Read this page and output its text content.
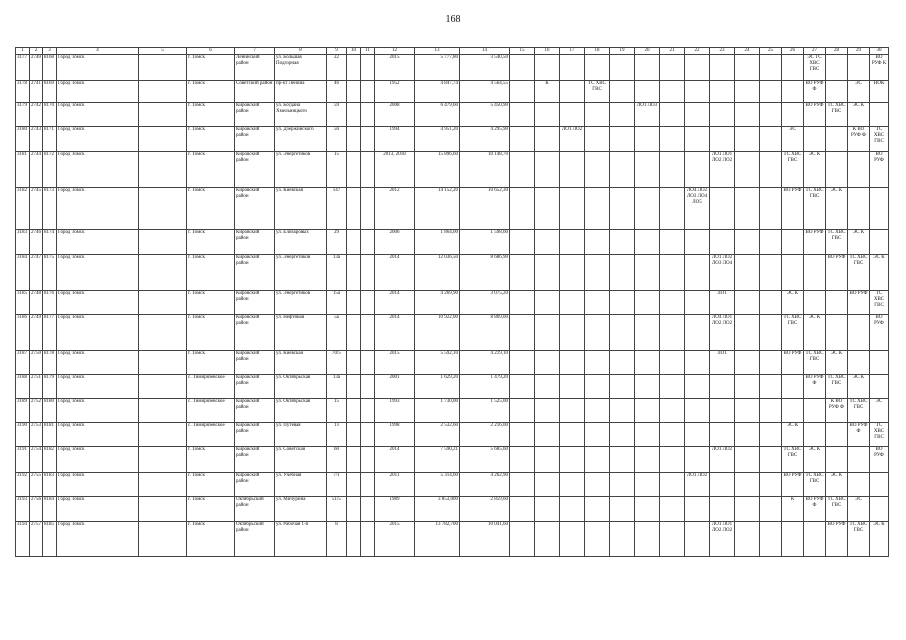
168
1	2	3	4	5	6	7	8	9	10	11	12	13	14	15	16	17	18	19	20	21	22	23	24	25	26	27	28	29	30
3177	2740	8168	Город Томск		г. Томск	Ленинский район	ул. Большая Подгорная	22			2015	5 777,80	3 540,50													ЭС ТС ХВС ГВС			ВО РУФ К
3178	2741	8169	Город Томск		г. Томск	Советский район	пр-кт Ленина	46			1952	4 847,74	4 564,55		К		ТС ХВС ГВС									ВО РУФ Ф		ЭС	НОК
3179	2742	8170	Город Томск		г. Томск	Кировский район	ул. Богдана Хмельницкого	59			2008	6 479,60	5 450,90						ЛО1 ЛО3							ВО РУФ	ТС ХВС ГВС	ЭС К	
3180	2743	8171	Город Томск		г. Томск	Кировский район	ул. Дзержинского	56			1994	4 951,20	4 295,90			ЛО1 ЛО2									ЭС			К ВО РУФ Ф	ТС ХВС ГВС
3181	2744	8172	Город Томск		г. Томск	Кировский район	ул. Энергетиков	15			2013, 2018	15 896,60	10 148,70									ЛО1 ЛО1 ЛО2 ЛО2			ТС ХВС ГВС	ЭС К			ВО РУФ
3182	2745	8173	Город Томск		г. Томск	Кировский район	ул. Киевская	147			2012	14 152,20	10 652,30								ЛО4 ЛО2 ЛО3 ЛО4 ЛО5				ВО РУФ	ТС ХВС ГВС	ЭС К		
3183	2746	8174	Город Томск		г. Томск	Кировский район	ул. Елизаровых	29			2006	1 864,00	1 598,60													ВО РУФ	ТС ХВС ГВС	ЭС К	
3184	2747	8175	Город Томск		г. Томск	Кировский район	ул. Энергетиков	13а			2014	12 036,50	8 686,90									ЛО1 ЛО2 ЛО3 ЛО4					ВО РУФ	ТС ХВС ГВС	ЭС К
3185	2748	8176	Город Томск		г. Томск	Кировский район	ул. Энергетиков	15а			2014	4 269,90	3 075,20									ЛО1			ЭС К			ВО РУФ	ТС ХВС ГВС
3186	2749	8177	Город Томск		г. Томск	Кировский район	ул. Нефтяная	5а			2014	10 922,00	8 869,00									ЛО4 ЛО1 ЛО2 ЛО2			ТС ХВС ГВС	ЭС К			ВО РУФ
3187	2750	8178	Город Томск		г. Томск	Кировский район	ул. Киевская	70/5			2015	5 592,10	4 219,10									ЛО1			ВО РУФ	ТС ХВС ГВС	ЭС К		
3188	2751	8179	Город Томск		с. Тимирязевское	Кировский район	ул. Октябрьская	13а			2001	1 629,20	1 479,20													ВО РУФ Ф	ТС ХВС ГВС	ЭС К	
3189	2752	8180	Город Томск		с. Тимирязевское	Кировский район	ул. Октябрьская	15			1993	1 730,00	1 525,00														К ВО РУФ Ф	ТС ХВС ГВС	ЭС
3190	2753	8181	Город Томск		с. Тимирязевское	Кировский район	ул. Путевая	1з			1998	2 532,60	2 216,00												ЭС К			ВО РУФ Ф	ТС ХВС ГВС
3191	2754	8182	Город Томск		г. Томск	Кировский район	ул. Советская	60			2014	7 590,21	5 685,60									ЛО1 ЛО2			ТС ХВС ГВС	ЭС К			ВО РУФ
3192	2755	8183	Город Томск		г. Томск	Кировский район	ул. Учебная	7/1			2011	5 314,60	4 262,90								ЛО1 ЛО2				ВО РУФ	ТС ХВС ГВС	ЭС К		
3193	2756	8184	Город Томск		г. Томск	Октябрьский район	ул. Мичурина	51/5			1989	3 853,000	2 859,60												К	ВО РУФ Ф	ТС ХВС ГВС	ЭС	
3194	2757	8185	Город Томск		г. Томск	Октябрьский район	ул. Рабочая 1-я	8			2015	13 782,700	10 041,60									ЛО1 ЛО1 ЛО2 ЛО2					ВО РУФ	ТС ХВС ГВС	ЭС К
